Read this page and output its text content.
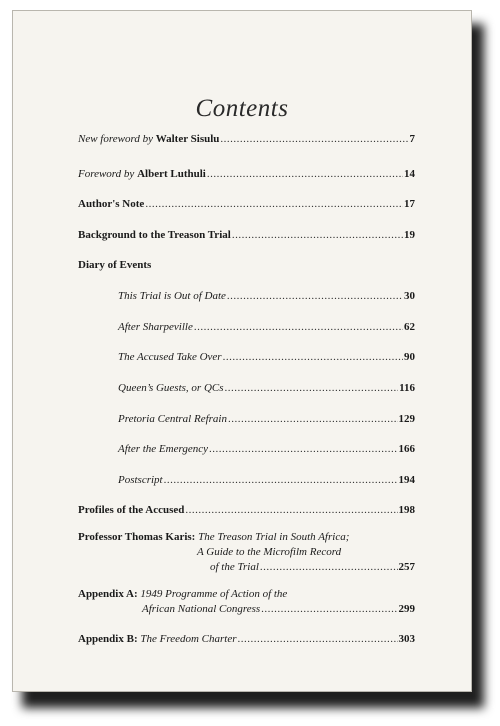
Contents
New foreword by Walter Sisulu .....	7
Foreword by Albert Luthuli .....	14
Author's Note .....	17
Background to the Treason Trial .....	19
Diary of Events
This Trial is Out of Date .....	30
After Sharpeville .....	62
The Accused Take Over .....	90
Queen’s Guests, or QCs .....	116
Pretoria Central Refrain .....	129
After the Emergency .....	166
Postscript .....	194
Profiles of the Accused .....	198
Professor Thomas Karis: The Treason Trial in South Africa;
A Guide to the Microfilm Record
of the Trial .....	257
Appendix A: 1949 Programme of Action of the
African National Congress .....	299
Appendix B: The Freedom Charter .....	303
